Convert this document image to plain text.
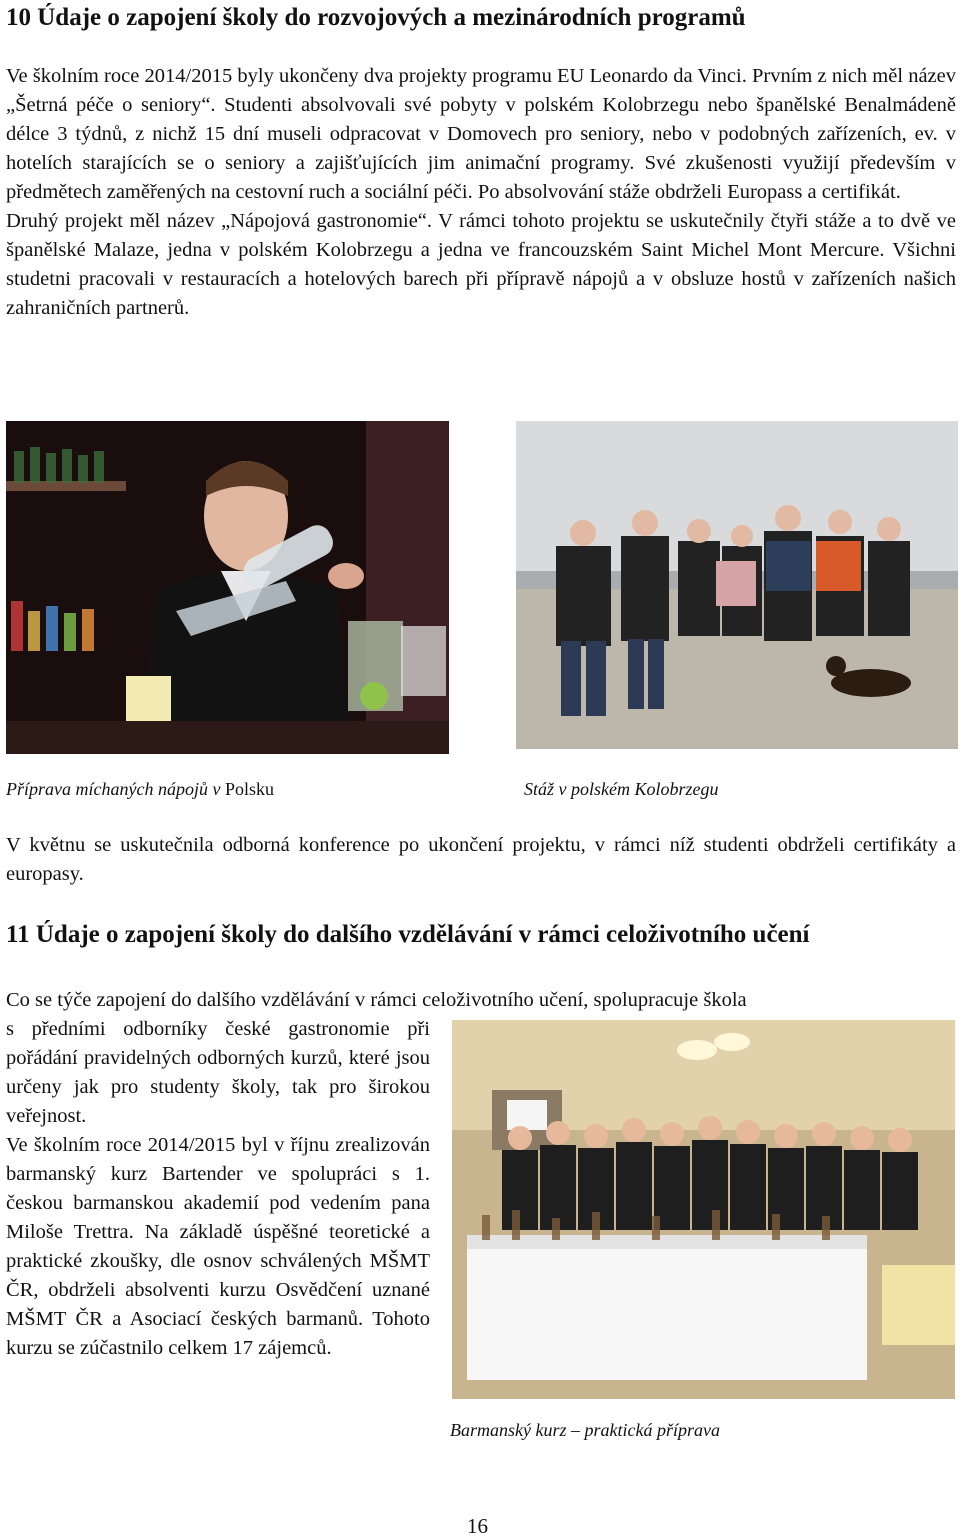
10 Údaje o zapojení školy do rozvojových a mezinárodních programů

Ve školním roce 2014/2015 byly ukončeny dva projekty programu EU Leonardo da Vinci. Prvním z nich měl název „Šetrná péče o seniory“. Studenti absolvovali své pobyty v polském Kolobrzegu nebo španělské Benalmádeně délce 3 týdnů, z nichž 15 dní museli odpracovat v Domovech pro seniory, nebo v podobných zařízeních, ev. v hotelích starajících se o seniory a zajišťujících jim animační programy. Své zkušenosti využijí především v předmětech zaměřených na cestovní ruch a sociální péči. Po absolvování stáže obdrželi Europass a certifikát.

Druhý projekt měl název „Nápojová gastronomie“. V rámci tohoto projektu se uskutečnily čtyři stáže a to dvě ve španělské Malaze, jedna v polském Kolobrzegu a jedna ve francouzském Saint Michel Mont Mercure. Všichni studetni pracovali v restauracích a hotelových barech při přípravě nápojů a v obsluze hostů v zařízeních našich zahraničních partnerů.

Příprava míchaných nápojů v Polsku	Stáž v polském Kolobrzegu

V květnu se uskutečnila odborná konference po ukončení projektu, v rámci níž studenti obdrželi certifikáty a europasy.

11 Údaje o zapojení školy do dalšího vzdělávání v rámci celoživotního učení

Co se týče zapojení do dalšího vzdělávání v rámci celoživotního učení, spolupracuje škola

s předními odborníky české gastronomie při pořádání pravidelných odborných kurzů, které jsou určeny jak pro studenty školy, tak pro širokou veřejnost.

Ve školním roce 2014/2015 byl v říjnu zrealizován barmanský kurz Bartender ve spolupráci s 1. českou barmanskou akademií pod vedením pana Miloše Trettra. Na základě úspěšné teoretické a praktické zkoušky, dle osnov schválených MŠMT ČR, obdrželi absolventi kurzu Osvědčení uznané MŠMT ČR a Asociací českých barmanů. Tohoto kurzu se zúčastnilo celkem 17 zájemců.

Barmanský kurz – praktická příprava

16
